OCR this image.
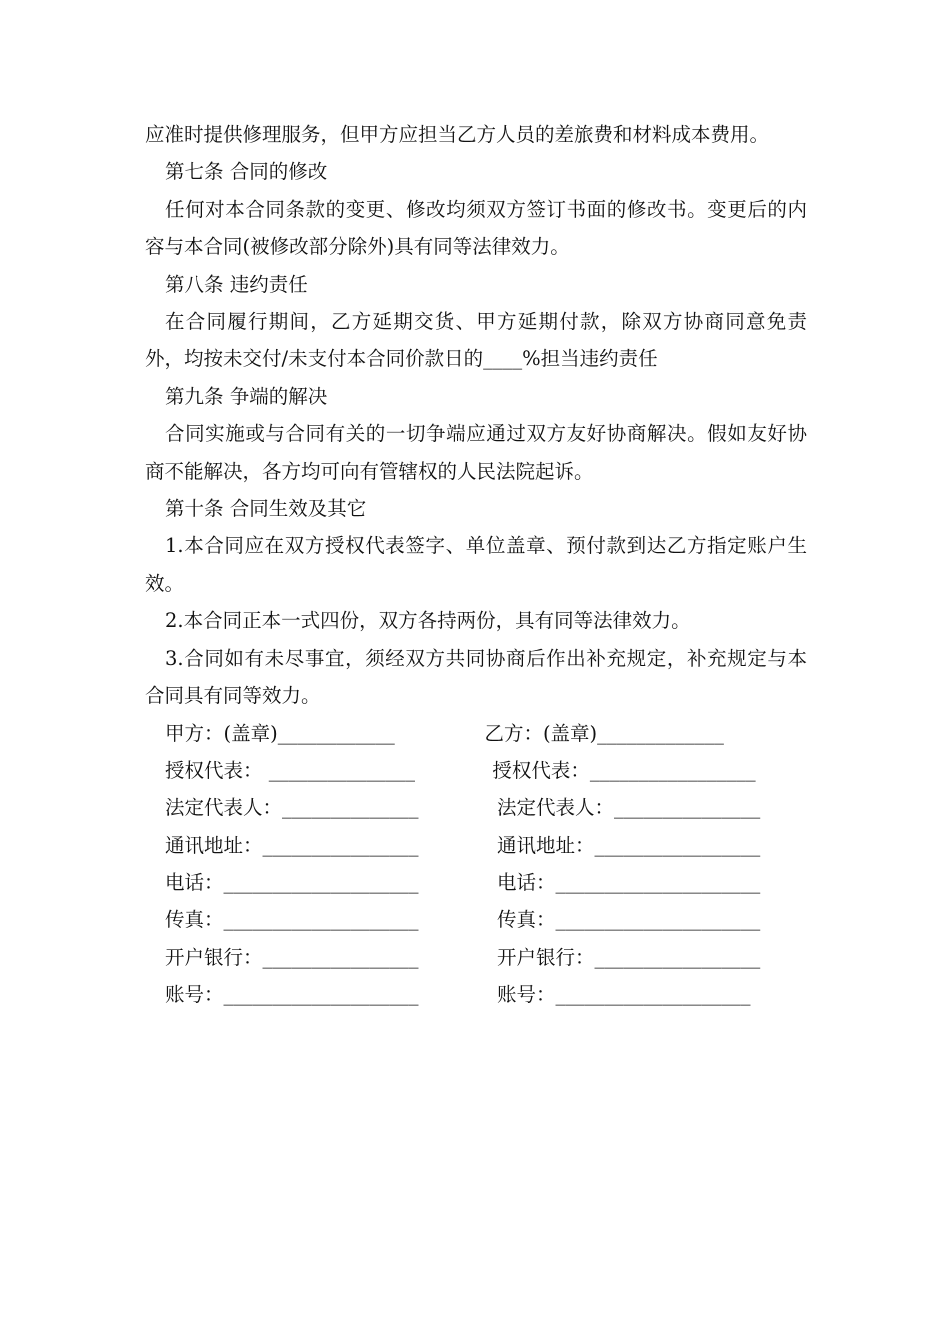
应准时提供修理服务，但甲方应担当乙方人员的差旅费和材料成本费用。

第七条 合同的修改

任何对本合同条款的变更、修改均须双方签订书面的修改书。变更后的内容与本合同(被修改部分除外)具有同等法律效力。

第八条 违约责任

在合同履行期间，乙方延期交货、甲方延期付款，除双方协商同意免责外，均按未交付/未支付本合同价款日的____%担当违约责任

第九条 争端的解决

合同实施或与合同有关的一切争端应通过双方友好协商解决。假如友好协商不能解决，各方均可向有管辖权的人民法院起诉。

第十条 合同生效及其它

1.本合同应在双方授权代表签字、单位盖章、预付款到达乙方指定账户生效。

2.本合同正本一式四份，双方各持两份，具有同等法律效力。

3.合同如有未尽事宜，须经双方共同协商后作出补充规定，补充规定与本合同具有同等效力。

甲方：(盖章)____________	乙方：(盖章)_____________
授权代表： _______________	授权代表：_________________
法定代表人：______________	法定代表人：_______________
通讯地址：________________	通讯地址：_________________
电话：____________________	电话：_____________________
传真：____________________	传真：_____________________
开户银行：________________	开户银行：_________________
账号：____________________	账号：____________________
